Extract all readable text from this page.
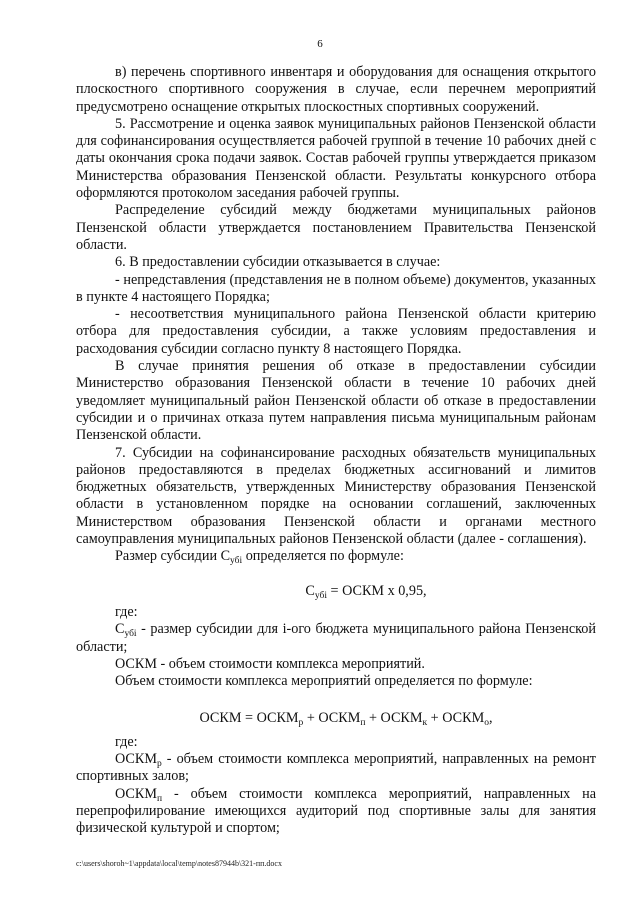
6

в) перечень спортивного инвентаря и оборудования для оснащения открытого плоскостного спортивного сооружения в случае, если перечнем мероприятий предусмотрено оснащение открытых плоскостных спортивных сооружений.

5. Рассмотрение и оценка заявок муниципальных районов Пензенской области для софинансирования осуществляется рабочей группой в течение 10 рабочих дней с даты окончания срока подачи заявок. Состав рабочей группы утверждается приказом Министерства образования Пензенской области. Результаты конкурсного отбора оформляются протоколом заседания рабочей группы.

Распределение субсидий между бюджетами муниципальных районов Пензенской области утверждается постановлением Правительства Пензенской области.

6. В предоставлении субсидии отказывается в случае:

- непредставления (представления не в полном объеме) документов, указанных в пункте 4 настоящего Порядка;

- несоответствия муниципального района Пензенской области критерию отбора для предоставления субсидии, а также условиям предоставления и расходования субсидии согласно пункту 8 настоящего Порядка.

В случае принятия решения об отказе в предоставлении субсидии Министерство образования Пензенской области в течение 10 рабочих дней уведомляет муниципальный район Пензенской области об отказе в предоставлении субсидии и о причинах отказа путем направления письма муниципальным районам Пензенской области.

7. Субсидии на софинансирование расходных обязательств муниципальных районов предоставляются в пределах бюджетных ассигнований и лимитов бюджетных обязательств, утвержденных Министерству образования Пензенской области в установленном порядке на основании соглашений, заключенных Министерством образования Пензенской области и органами местного самоуправления муниципальных районов Пензенской области (далее - соглашения).

Размер субсидии $С_{убi}$ определяется по формуле:

$С_{убi}$ = ОСКМ х 0,95,

где:

$С_{убi}$ - размер субсидии для i-ого бюджета муниципального района Пензенской области;

ОСКМ - объем стоимости комплекса мероприятий.

Объем стоимости комплекса мероприятий определяется по формуле:

ОСКМ = $ОСКМ_р$ + $ОСКМ_п$ + $ОСКМ_к$ + $ОСКМ_о$,

где:

$ОСКМ_р$ - объем стоимости комплекса мероприятий, направленных на ремонт спортивных залов;

$ОСКМ_п$ - объем стоимости комплекса мероприятий, направленных на перепрофилирование имеющихся аудиторий под спортивные залы для занятия физической культурой и спортом;

c:\users\shoroh~1\appdata\local\temp\notes87944b\321-пп.docx
